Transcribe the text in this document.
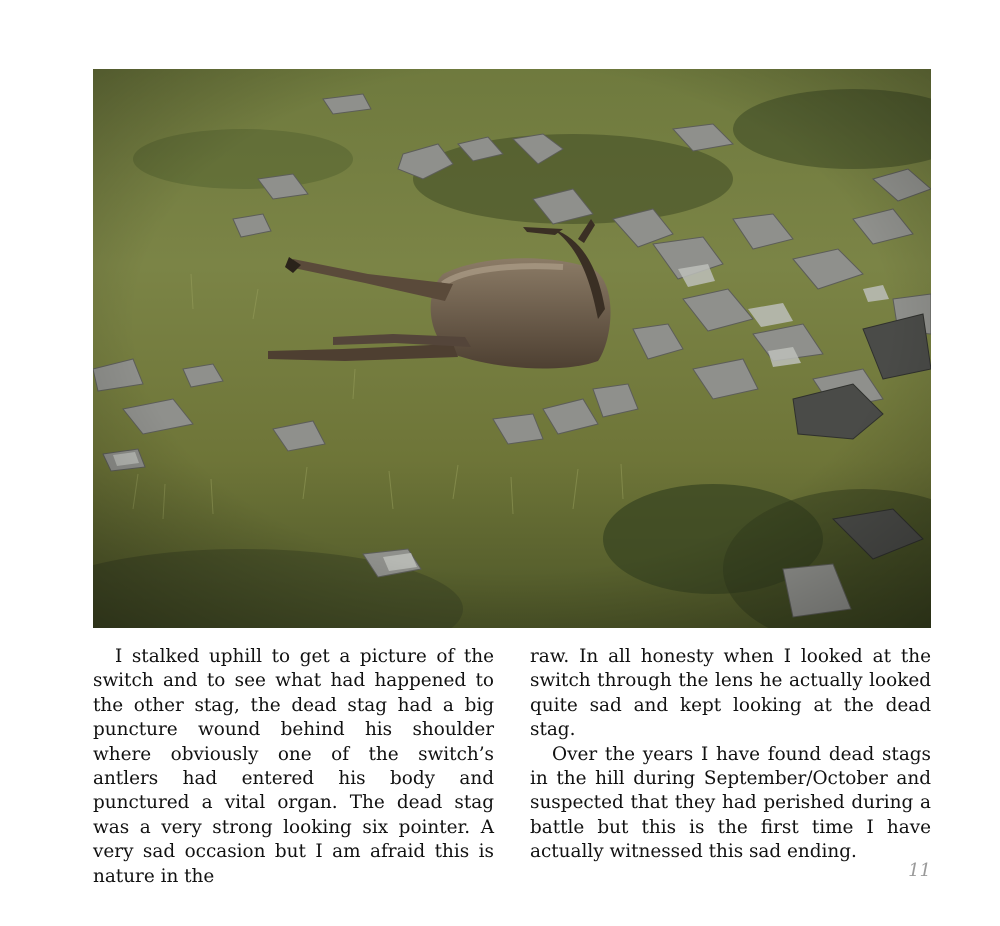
I stalked uphill to get a picture of the switch and to see what had happened to the other stag, the dead stag had a big puncture wound behind his shoulder where obviously one of the switch’s antlers had entered his body and punctured a vital organ. The dead stag was a very strong looking six pointer. A very sad occasion but I am afraid this is nature in the

raw. In all honesty when I looked at the switch through the lens he actually looked quite sad and kept looking at the dead stag.

Over the years I have found dead stags in the hill during September/October and suspected that they had perished during a battle but this is the first time I have actually witnessed this sad ending.

11
